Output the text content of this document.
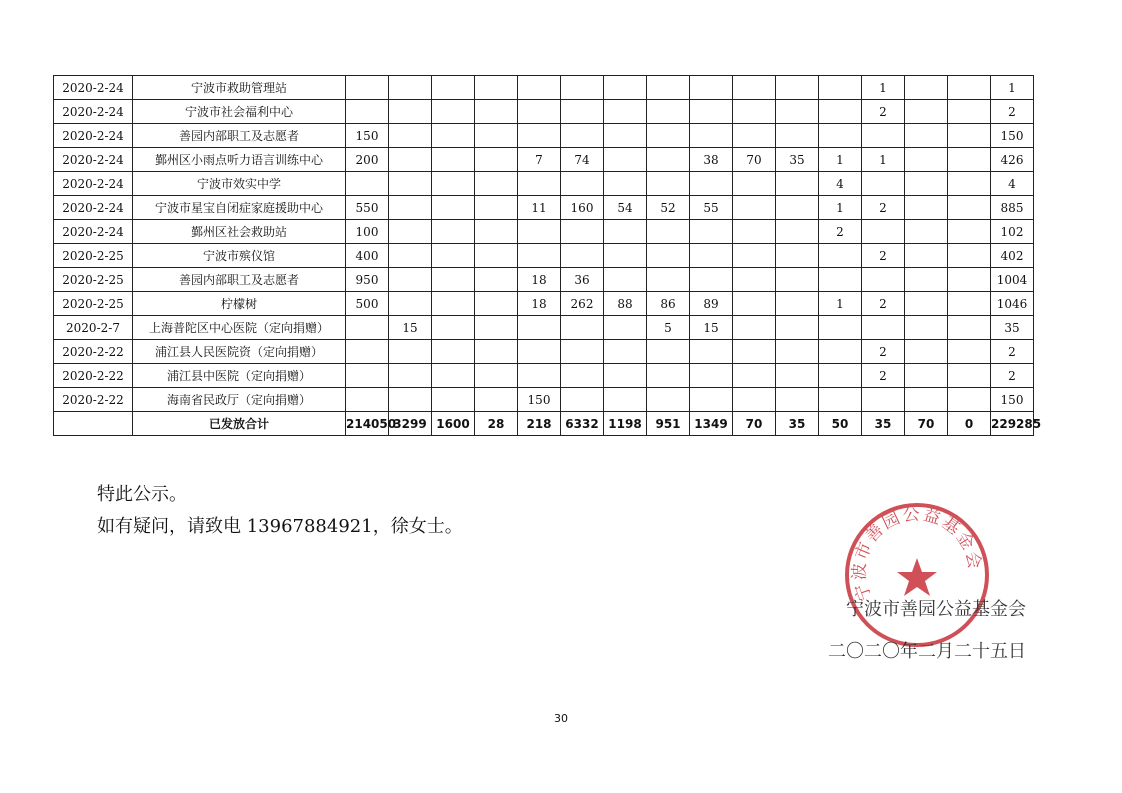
2020-2-24	宁波市救助管理站													1			1
2020-2-24	宁波市社会福利中心													2			2
2020-2-24	善园内部职工及志愿者	150															150
2020-2-24	鄞州区小雨点听力语言训练中心	200				7	74			38	70	35	1	1			426
2020-2-24	宁波市效实中学												4				4
2020-2-24	宁波市星宝自闭症家庭援助中心	550				11	160	54	52	55			1	2			885
2020-2-24	鄞州区社会救助站	100											2				102
2020-2-25	宁波市殡仪馆	400												2			402
2020-2-25	善园内部职工及志愿者	950				18	36										1004
2020-2-25	柠檬树	500				18	262	88	86	89			1	2			1046
2020-2-7	上海普陀区中心医院（定向捐赠）		15						5	15							35
2020-2-22	浦江县人民医院资（定向捐赠）													2			2
2020-2-22	浦江县中医院（定向捐赠）													2			2
2020-2-22	海南省民政厅（定向捐赠）					150											150
	已发放合计	214050	3299	1600	28	218	6332	1198	951	1349	70	35	50	35	70	0	229285
特此公示。
如有疑问，请致电 13967884921，徐女士。
宁波市善园公益基金会
宁波市善园公益基金会
二〇二〇年二月二十五日
30
